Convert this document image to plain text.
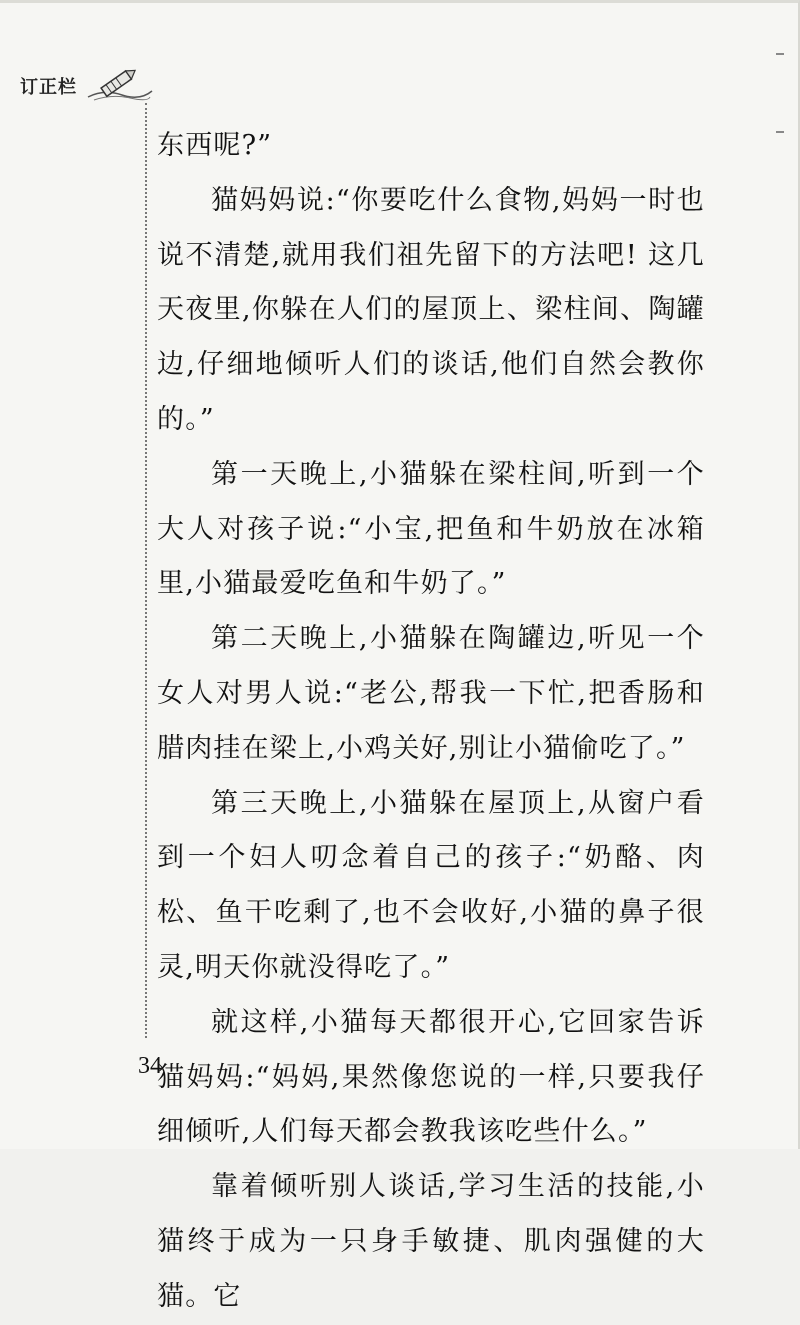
订正栏

东西呢?”

猫妈妈说:“你要吃什么食物,妈妈一时也说不清楚,就用我们祖先留下的方法吧! 这几天夜里,你躲在人们的屋顶上、梁柱间、陶罐边,仔细地倾听人们的谈话,他们自然会教你的。”

第一天晚上,小猫躲在梁柱间,听到一个大人对孩子说:“小宝,把鱼和牛奶放在冰箱里,小猫最爱吃鱼和牛奶了。”

第二天晚上,小猫躲在陶罐边,听见一个女人对男人说:“老公,帮我一下忙,把香肠和腊肉挂在梁上,小鸡关好,别让小猫偷吃了。”

第三天晚上,小猫躲在屋顶上,从窗户看到一个妇人叨念着自己的孩子:“奶酪、肉松、鱼干吃剩了,也不会收好,小猫的鼻子很灵,明天你就没得吃了。”

就这样,小猫每天都很开心,它回家告诉猫妈妈:“妈妈,果然像您说的一样,只要我仔细倾听,人们每天都会教我该吃些什么。”

靠着倾听别人谈话,学习生活的技能,小猫终于成为一只身手敏捷、肌肉强健的大猫。它

34
